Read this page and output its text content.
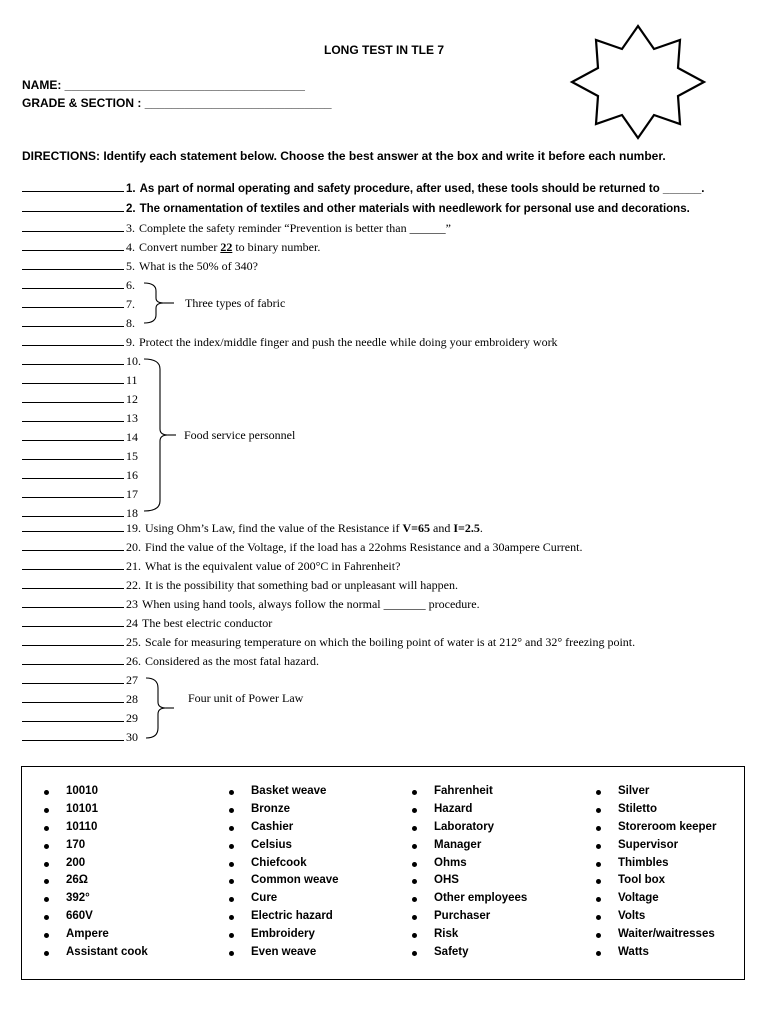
LONG TEST IN TLE 7
NAME: ____________________________________
GRADE & SECTION : ____________________________
DIRECTIONS: Identify each statement below. Choose the best answer at the box and write it before each number.
1. As part of normal operating and safety procedure, after used, these tools should be returned to ______.
2. The ornamentation of textiles and other materials with needlework for personal use and decorations.
3. Complete the safety reminder “Prevention is better than ______”
4. Convert number 22 to binary number.
5. What is the 50% of 340?
6.
7.
8.
Three types of fabric
9. Protect the index/middle finger and push the needle while doing your embroidery work
10.
11
12
13
14
15
16
17
18
Food service personnel
19. Using Ohm’s Law, find the value of the Resistance if V=65 and I=2.5.
20. Find the value of the Voltage, if the load has a 22ohms Resistance and a 30ampere Current.
21. What is the equivalent value of 200°C in Fahrenheit?
22. It is the possibility that something bad or unpleasant will happen.
23 When using hand tools, always follow the normal _______ procedure.
24 The best electric conductor
25. Scale for measuring temperature on which the boiling point of water is at 212° and 32° freezing point.
26. Considered as the most fatal hazard.
27
28
29
30
Four unit of Power Law
10010
10101
10110
170
200
26Ω
392°
660V
Ampere
Assistant cook
Basket weave
Bronze
Cashier
Celsius
Chiefcook
Common weave
Cure
Electric hazard
Embroidery
Even weave
Fahrenheit
Hazard
Laboratory
Manager
Ohms
OHS
Other employees
Purchaser
Risk
Safety
Silver
Stiletto
Storeroom keeper
Supervisor
Thimbles
Tool box
Voltage
Volts
Waiter/waitresses
Watts
